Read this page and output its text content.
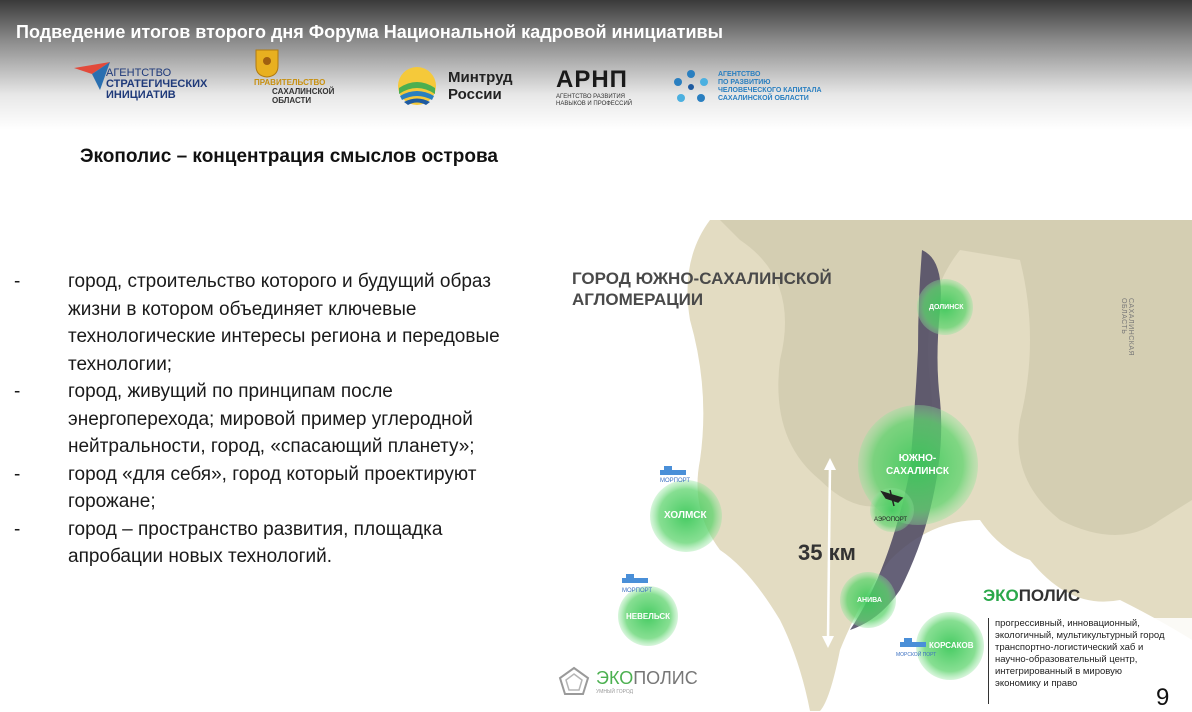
Подведение итогов второго дня Форума Национальной кадровой инициативы
АГЕНТСТВО
СТРАТЕГИЧЕСКИХ
ИНИЦИАТИВ
ПРАВИТЕЛЬСТВО
САХАЛИНСКОЙ
ОБЛАСТИ
Минтруд
России
АРНП
АГЕНТСТВО РАЗВИТИЯ
НАВЫКОВ И ПРОФЕССИЙ
АГЕНТСТВО
ПО РАЗВИТИЮ
ЧЕЛОВЕЧЕСКОГО КАПИТАЛА
САХАЛИНСКОЙ ОБЛАСТИ
Экополис – концентрация смыслов острова
-	город, строительство которого и будущий образ жизни в котором объединяет ключевые технологические интересы региона и передовые технологии;
-	город, живущий по принципам после энергоперехода; мировой пример углеродной нейтральности, город, «спасающий планету»;
-	город «для себя», город который проектируют горожане;
-	город – пространство развития, площадка апробации новых технологий.
ГОРОД ЮЖНО-САХАЛИНСКОЙ
АГЛОМЕРАЦИИ	САХАЛИНСКАЯ ОБЛАСТЬ
ДОЛИНСК
ЮЖНО-
САХАЛИНСК
АЭРОПОРТ
ХОЛМСК
АНИВА
НЕВЕЛЬСК
КОРСАКОВ
МОРПОРТ
МОРПОРТ
МОРСКОЙ ПОРТ
35 км
ЭКОПОЛИС
прогрессивный, инновационный,
экологичный, мультикультурный город
транспортно-логистический хаб и
научно-образовательный центр,
интегрированный в мировую
экономику и право
ЭКОПОЛИС
УМНЫЙ ГОРОД	9
